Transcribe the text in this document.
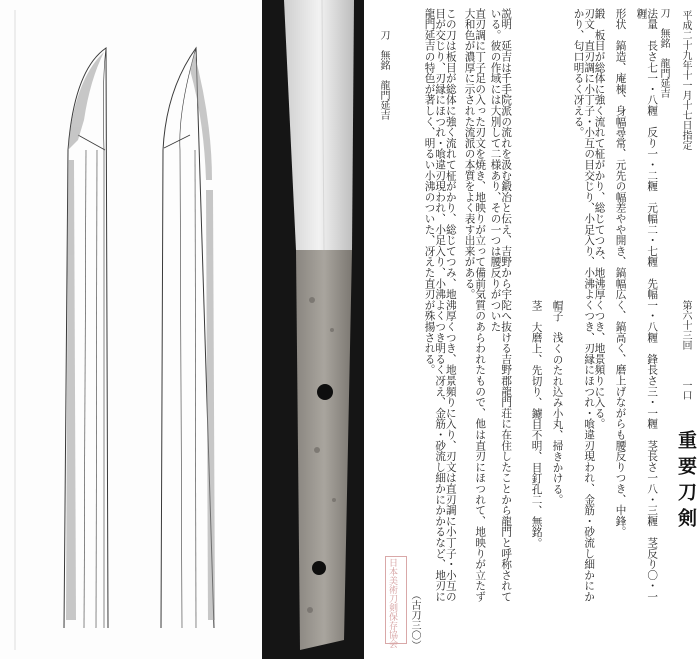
刀　無銘　龍門延吉
日本美術刀剣保存協会 （古刀三〇）
この刀は板目が総体に強く流れて柾がかり、総じてつみ、地沸厚くつき、地景頻りに入り、刃文は直刃調に小丁子・小互の目が交じり、刃縁にほつれ・喰違刃現われ、小足入り、小沸よくつき明るく冴え、金筋・砂流し細かにかかるなど、地刃に龍門延吉の特色が著しく、明るい小沸のついた、冴えた直刃が殊揚される。	直刃調に丁子足の入った刃文を焼き、地映りが立って備前気質のあらわれたもので、他は直刃にほつれて、地映りが立たず大和色が濃厚に示された流派の本質をよく表す出来がある。	説明　延吉は千手院派の流れを汲む鍛冶と伝え、吉野から宇陀へ抜ける吉野郡龍門荘に在住したことから龍門と呼称されている。彼の作域には大別して二様あり、その一つは腰反りがついた
茎　大磨上、先切り、鑢目不明、目釘孔二、無銘。 帽子　浅くのたれ込み小丸、掃きかける。	刃文　直刃調に小丁子・小互の目交じり、小足入り、小沸よくつき、刃縁にほつれ・喰違刃現われ、金筋・砂流し細かにかかり、匂口明るく冴える。 鍛　板目が総体に強く流れて柾がかり、総じてつみ、地沸厚くつき、地景頻りに入る。 形状　鎬造、庵棟、身幅尋常、元先の幅差やや開き、鎬幅広く、鎬高く、磨上げながらも腰反りつき、中鋒。	法量　長さ七一・八糎　反り一・二糎　元幅二・七糎　先幅一・八糎　鋒長さ三・一糎　茎長さ一八・三糎　茎反り〇・一糎	刀　無銘　龍門延吉 平成二十九年十一月十七日指定
第六十三回
一口
重要刀剣
